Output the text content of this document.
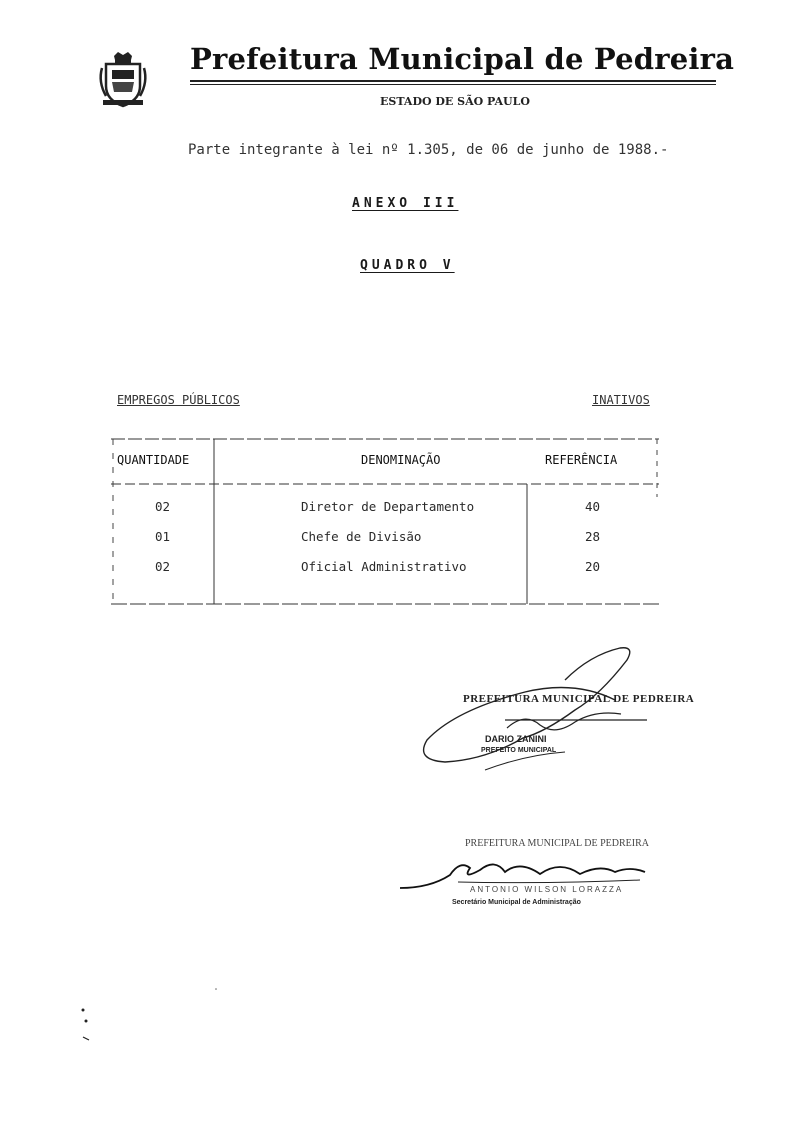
Prefeitura Municipal de Pedreira
ESTADO DE SÃO PAULO
Parte integrante à lei nº 1.305, de 06 de junho de 1988.-
ANEXO III
QUADRO V
EMPREGOS PÚBLICOS	INATIVOS
QUANTIDADE	DENOMINAÇÃO	REFERÊNCIA
02	Diretor de Departamento	40
01	Chefe de Divisão	28
02	Oficial Administrativo	20
PREFEITURA MUNICIPAL DE PEDREIRA
DARIO ZANINI
PREFEITO MUNICIPAL
PREFEITURA MUNICIPAL DE PEDREIRA
ANTONIO WILSON LORAZZA
Secretário Municipal de Administração
